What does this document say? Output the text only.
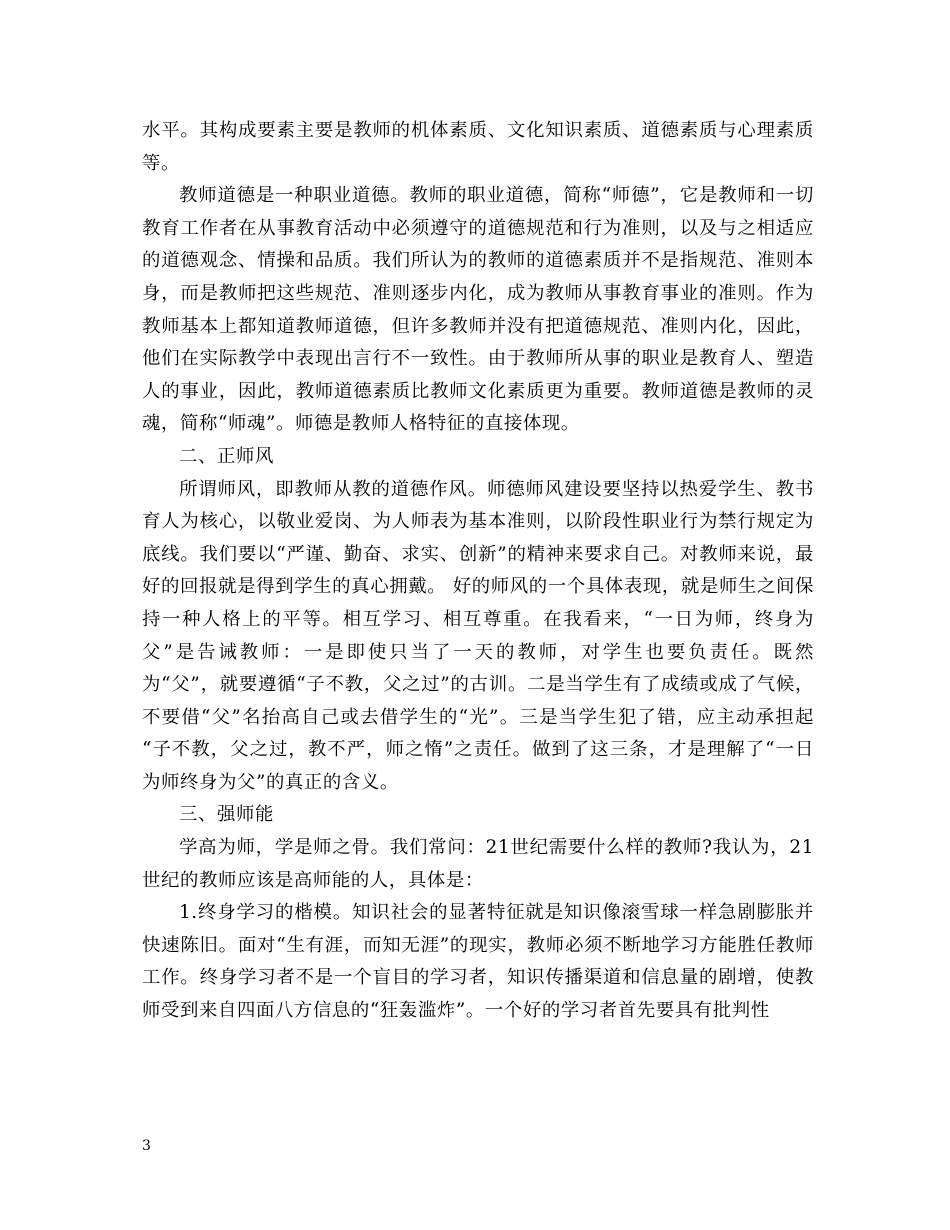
水平。其构成要素主要是教师的机体素质、文化知识素质、道德素质与心理素质等。

教师道德是一种职业道德。教师的职业道德，简称“师德”，它是教师和一切教育工作者在从事教育活动中必须遵守的道德规范和行为准则，以及与之相适应的道德观念、情操和品质。我们所认为的教师的道德素质并不是指规范、准则本身，而是教师把这些规范、准则逐步内化，成为教师从事教育事业的准则。作为教师基本上都知道教师道德，但许多教师并没有把道德规范、准则内化，因此，他们在实际教学中表现出言行不一致性。由于教师所从事的职业是教育人、塑造人的事业，因此，教师道德素质比教师文化素质更为重要。教师道德是教师的灵魂，简称“师魂”。师德是教师人格特征的直接体现。

二、正师风

所谓师风，即教师从教的道德作风。师德师风建设要坚持以热爱学生、教书育人为核心，以敬业爱岗、为人师表为基本准则，以阶段性职业行为禁行规定为底线。我们要以“严谨、勤奋、求实、创新”的精神来要求自己。对教师来说，最好的回报就是得到学生的真心拥戴。 好的师风的一个具体表现，就是师生之间保持一种人格上的平等。相互学习、相互尊重。在我看来，“一日为师，终身为父”是告诫教师：一是即使只当了一天的教师，对学生也要负责任。既然为“父”，就要遵循“子不教，父之过”的古训。二是当学生有了成绩或成了气候，不要借“父”名抬高自己或去借学生的“光”。三是当学生犯了错，应主动承担起 “子不教，父之过，教不严，师之惰”之责任。做到了这三条，才是理解了“一日为师终身为父”的真正的含义。

三、强师能

学高为师，学是师之骨。我们常问：21世纪需要什么样的教师?我认为，21世纪的教师应该是高师能的人，具体是：

1.终身学习的楷模。知识社会的显著特征就是知识像滚雪球一样急剧膨胀并快速陈旧。面对“生有涯，而知无涯”的现实，教师必须不断地学习方能胜任教师工作。终身学习者不是一个盲目的学习者，知识传播渠道和信息量的剧增，使教师受到来自四面八方信息的“狂轰滥炸”。一个好的学习者首先要具有批判性

3
